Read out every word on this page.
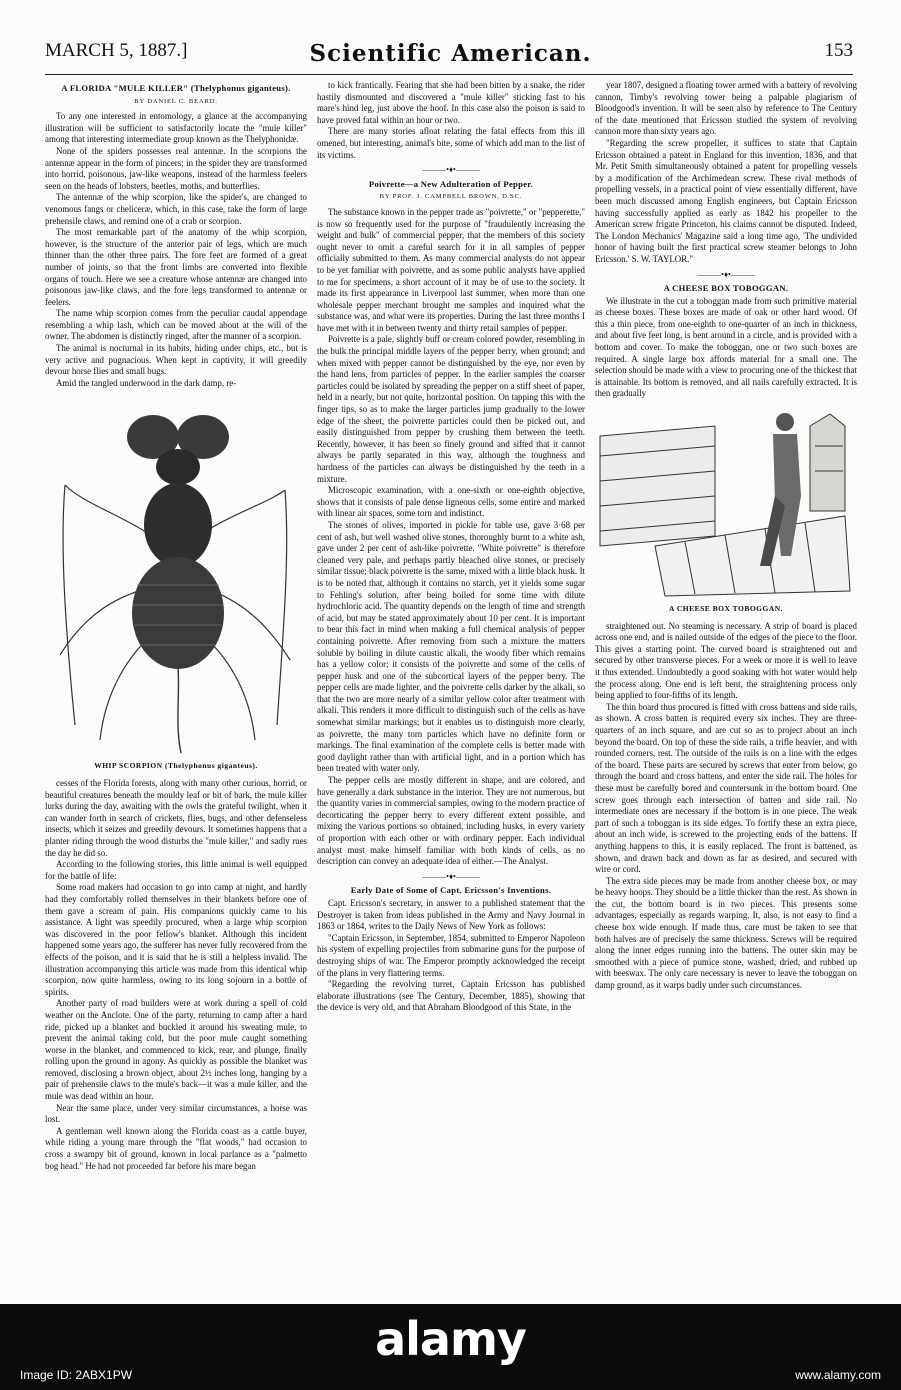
MARCH 5, 1887.]	Scientific American.	153
A FLORIDA "MULE KILLER" (Thelyphonus giganteus).
BY DANIEL C. BEARD.

To any one interested in entomology, a glance at the accompanying illustration will be sufficient to satisfactorily locate the "mule killer" among that interesting intermediate group known as the Thelyphonidæ.

None of the spiders possesses real antennæ. In the scorpions the antennæ appear in the form of pincers; in the spider they are transformed into horrid, poisonous, jaw-like weapons, instead of the harmless feelers seen on the heads of lobsters, beetles, moths, and butterflies.

The antennæ of the whip scorpion, like the spider's, are changed to venomous fangs or cheliceræ, which, in this case, take the form of large prehensile claws, and remind one of a crab or scorpion.

The most remarkable part of the anatomy of the whip scorpion, however, is the structure of the anterior pair of legs, which are much thinner than the other three pairs. The fore feet are formed of a great number of joints, so that the front limbs are converted into flexible organs of touch. Here we see a creature whose antennæ are changed into poisonous jaw-like claws, and the fore legs transformed to antennæ or feelers.

The name whip scorpion comes from the peculiar caudal appendage resembling a whip lash, which can be moved about at the will of the owner. The abdomen is distinctly ringed, after the manner of a scorpion.

The animal is nocturnal in its habits, hiding under chips, etc., but is very active and pugnacious. When kept in captivity, it will greedily devour horse flies and small bugs.

Amid the tangled underwood in the dark damp, re-

WHIP SCORPION (Thelyphonus giganteus).

cesses of the Florida forests, along with many other curious, horrid, or beautiful creatures beneath the mouldy leaf or bit of bark, the mule killer lurks during the day, awaiting with the owls the grateful twilight, when it can wander forth in search of crickets, flies, bugs, and other defenseless insects, which it seizes and greedily devours. It sometimes happens that a planter riding through the wood disturbs the "mule killer," and sadly rues the day he did so.

According to the following stories, this little animal is well equipped for the battle of life:

Some road makers had occasion to go into camp at night, and hardly had they comfortably rolled themselves in their blankets before one of them gave a scream of pain. His companions quickly came to his assistance. A light was speedily procured, when a large whip scorpion was discovered in the poor fellow's blanket. Although this incident happened some years ago, the sufferer has never fully recovered from the effects of the poison, and it is said that he is still a helpless invalid. The illustration accompanying this article was made from this identical whip scorpion, now quite harmless, owing to its long sojourn in a bottle of spirits.

Another party of road builders were at work during a spell of cold weather on the Anclote. One of the party, returning to camp after a hard ride, picked up a blanket and buckled it around his sweating mule, to prevent the animal taking cold, but the poor mule caught something worse in the blanket, and commenced to kick, rear, and plunge, finally rolling upon the ground in agony. As quickly as possible the blanket was removed, disclosing a brown object, about 2½ inches long, hanging by a pair of prehensile claws to the mule's back—it was a mule killer, and the mule was dead within an hour.

Near the same place, under very similar circumstances, a horse was lost.

A gentleman well known along the Florida coast as a cattle buyer, while riding a young mare through the "flat woods," had occasion to cross a swampy bit of ground, known in local parlance as a "palmetto bog head." He had not proceeded far before his mare began

to kick frantically. Fearing that she had been bitten by a snake, the rider hastily dismounted and discovered a "mule killer" sticking fast to his mare's hind leg, just above the hoof. In this case also the poison is said to have proved fatal within an hour or two.

There are many stories afloat relating the fatal effects from this ill omened, but interesting, animal's bite, some of which add man to the list of its victims.

———•♦•———
Poivrette—a New Adulteration of Pepper.
BY PROF. J. CAMPBELL BROWN, D.SC.

The substance known in the pepper trade as "poivrette," or "pepperette," is now so frequently used for the purpose of "fraudulently increasing the weight and bulk" of commercial pepper, that the members of this society ought never to omit a careful search for it in all samples of pepper officially submitted to them. As many commercial analysts do not appear to be yet familiar with poivrette, and as some public analysts have applied to me for specimens, a short account of it may be of use to the society. It made its first appearance in Liverpool last summer, when more than one wholesale pepper merchant brought me samples and inquired what the substance was, and what were its properties. During the last three months I have met with it in between twenty and thirty retail samples of pepper.

Poivrette is a pale, slightly buff or cream colored powder, resembling in the bulk the principal middle layers of the pepper berry, when ground; and when mixed with pepper cannot be distinguished by the eye, nor even by the hand lens, from particles of pepper. In the earlier samples the coarser particles could be isolated by spreading the pepper on a stiff sheet of paper, held in a nearly, but not quite, horizontal position. On tapping this with the finger tips, so as to make the larger particles jump gradually to the lower edge of the sheet, the poivrette particles could then be picked out, and easily distinguished from pepper by crushing them between the teeth. Recently, however, it has been so finely ground and sifted that it cannot always be partly separated in this way, although the toughness and hardness of the particles can always be distinguished by the teeth in a mixture.

Microscopic examination, with a one-sixth or one-eighth objective, shows that it consists of pale dense ligneous cells, some entire and marked with linear air spaces, some torn and indistinct.

The stones of olives, imported in pickle for table use, gave 3·68 per cent of ash, but well washed olive stones, thoroughly burnt to a white ash, gave under 2 per cent of ash-like poivrette. "White poivrette" is therefore cleaned very pale, and perhaps partly bleached olive stones, or precisely similar tissue; black poivrette is the same, mixed with a little black husk. It is to be noted that, although it contains no starch, yet it yields some sugar to Fehling's solution, after being boiled for some time with dilute hydrochloric acid. The quantity depends on the length of time and strength of acid, but may be stated approximately about 10 per cent. It is important to bear this fact in mind when making a full chemical analysis of pepper containing poivrette. After removing from such a mixture the matters soluble by boiling in dilute caustic alkali, the woody fiber which remains has a yellow color; it consists of the poivrette and some of the cells of pepper husk and one of the subcortical layers of the pepper berry. The pepper cells are made lighter, and the poivrette cells darker by the alkali, so that the two are more nearly of a similar yellow color after treatment with alkali. This renders it more difficult to distinguish such of the cells as have somewhat similar markings; but it enables us to distinguish more clearly, as poivrette, the many torn particles which have no definite form or markings. The final examination of the complete cells is better made with good daylight rather than with artificial light, and in a portion which has been treated with water only.

The pepper cells are mostly different in shape, and are colored, and have generally a dark substance in the interior. They are not numerous, but the quantity varies in commercial samples, owing to the modern practice of decorticating the pepper berry to every different extent possible, and mixing the various portions so obtained, including husks, in every variety of proportion with each other or with ordinary pepper. Each individual analyst must make himself familiar with both kinds of cells, as no description can convey an adequate idea of either.—The Analyst.

———•♦•———
Early Date of Some of Capt. Ericsson's Inventions.

Capt. Ericsson's secretary, in answer to a published statement that the Destroyer is taken from ideas published in the Army and Navy Journal in 1863 or 1864, writes to the Daily News of New York as follows:

"Captain Ericsson, in September, 1854, submitted to Emperor Napoleon his system of expelling projectiles from submarine guns for the purpose of destroying ships of war. The Emperor promptly acknowledged the receipt of the plans in very flattering terms.

"Regarding the revolving turret, Captain Ericsson has published elaborate illustrations (see The Century, December, 1885), showing that the device is very old, and that Abraham Bloodgood of this State, in the

year 1807, designed a floating tower armed with a battery of revolving cannon, Timby's revolving tower being a palpable plagiarism of Bloodgood's invention. It will be seen also by reference to The Century of the date mentioned that Ericsson studied the system of revolving cannon more than sixty years ago.

"Regarding the screw propeller, it suffices to state that Captain Ericsson obtained a patent in England for this invention, 1836, and that Mr. Petit Smith simultaneously obtained a patent for propelling vessels by a modification of the Archimedean screw. These rival methods of propelling vessels, in a practical point of view essentially different, have been much discussed among English engineers, but Captain Ericsson having successfully applied as early as 1842 his propeller to the American screw frigate Princeton, his claims cannot be disputed. Indeed, The London Mechanics' Magazine said a long time ago, 'The undivided honor of having built the first practical screw steamer belongs to John Ericsson.' S. W. TAYLOR."

———•♦•———
A CHEESE BOX TOBOGGAN.

We illustrate in the cut a toboggan made from such primitive material as cheese boxes. These boxes are made of oak or other hard wood. Of this a thin piece, from one-eighth to one-quarter of an inch in thickness, and about five feet long, is bent around in a circle, and is provided with a bottom and cover. To make the toboggan, one or two such boxes are required. A single large box affords material for a small one. The selection should be made with a view to procuring one of the thickest that is attainable. Its bottom is removed, and all nails carefully extracted. It is then gradually

A CHEESE BOX TOBOGGAN.

straightened out. No steaming is necessary. A strip of board is placed across one end, and is nailed outside of the edges of the piece to the floor. This gives a starting point. The curved board is straightened out and secured by other transverse pieces. For a week or more it is well to leave it thus extended. Undoubtedly a good soaking with hot water would help the process along. One end is left bent, the straightening process only being applied to four-fifths of its length.

The thin board thus procured is fitted with cross battens and side rails, as shown. A cross batten is required every six inches. They are three-quarters of an inch square, and are cut so as to project about an inch beyond the board. On top of these the side rails, a trifle heavier, and with rounded corners, rest. The outside of the rails is on a line with the edges of the board. These parts are secured by screws that enter from below, go through the board and cross battens, and enter the side rail. The holes for these must be carefully bored and countersunk in the bottom board. One screw goes through each intersection of batten and side rail. No intermediate ones are necessary if the bottom is in one piece. The weak part of such a toboggan is its side edges. To fortify these an extra piece, about an inch wide, is screwed to the projecting ends of the battens. If anything happens to this, it is easily replaced. The front is battened, as shown, and drawn back and down as far as desired, and secured with wire or cord.

The extra side pieces may be made from another cheese box, or may be heavy hoops. They should be a little thicker than the rest. As shown in the cut, the bottom board is in two pieces. This presents some advantages, especially as regards warping. It, also, is not easy to find a cheese box wide enough. If made thus, care must be taken to see that both halves are of precisely the same thickness. Screws will be required along the inner edges running into the battens. The outer skin may be smoothed with a piece of pumice stone, washed, dried, and rubbed up with beeswax. The only care necessary is never to leave the toboggan on damp ground, as it warps badly under such circumstances.

alamy
Image ID: 2ABX1PW	www.alamy.com
